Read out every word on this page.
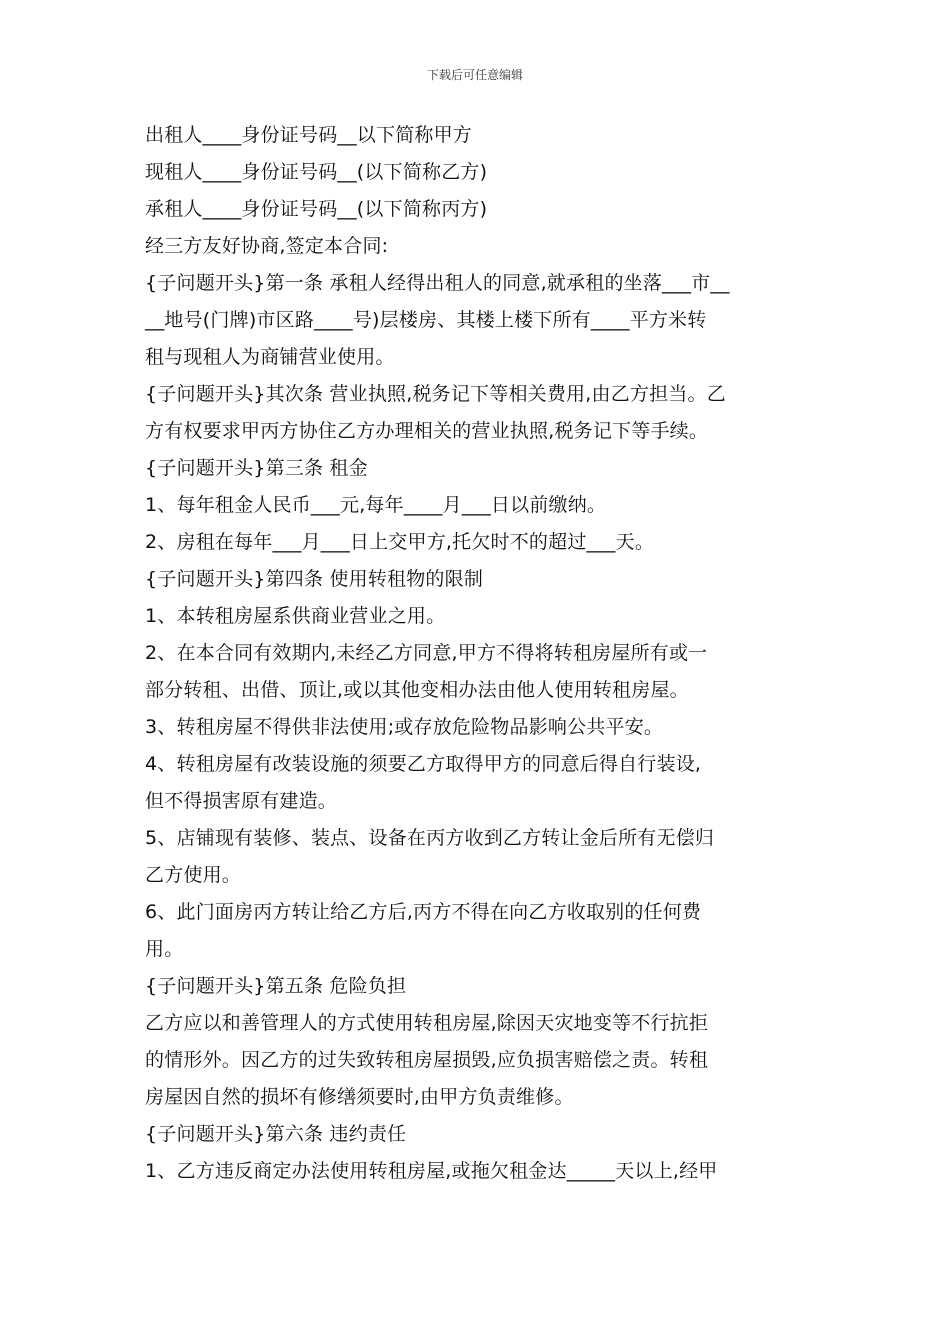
下载后可任意编辑
出租人____身份证号码__以下简称甲方
现租人____身份证号码__(以下简称乙方)
承租人____身份证号码__(以下简称丙方)
经三方友好协商,签定本合同:
{子问题开头}第一条 承租人经得出租人的同意,就承租的坐落___市__
__地号(门牌)市区路____号)层楼房、其楼上楼下所有____平方米转
租与现租人为商铺营业使用。
{子问题开头}其次条 营业执照,税务记下等相关费用,由乙方担当。乙
方有权要求甲丙方协住乙方办理相关的营业执照,税务记下等手续。
{子问题开头}第三条 租金
1、每年租金人民币___元,每年____月___日以前缴纳。
2、房租在每年___月___日上交甲方,托欠时不的超过___天。
{子问题开头}第四条 使用转租物的限制
1、本转租房屋系供商业营业之用。
2、在本合同有效期内,未经乙方同意,甲方不得将转租房屋所有或一
部分转租、出借、顶让,或以其他变相办法由他人使用转租房屋。
3、转租房屋不得供非法使用;或存放危险物品影响公共平安。
4、转租房屋有改装设施的须要乙方取得甲方的同意后得自行装设,
但不得损害原有建造。
5、店铺现有装修、装点、设备在丙方收到乙方转让金后所有无偿归
乙方使用。
6、此门面房丙方转让给乙方后,丙方不得在向乙方收取别的任何费
用。
{子问题开头}第五条 危险负担
乙方应以和善管理人的方式使用转租房屋,除因天灾地变等不行抗拒
的情形外。因乙方的过失致转租房屋损毁,应负损害赔偿之责。转租
房屋因自然的损坏有修缮须要时,由甲方负责维修。
{子问题开头}第六条 违约责任
1、乙方违反商定办法使用转租房屋,或拖欠租金达_____天以上,经甲
